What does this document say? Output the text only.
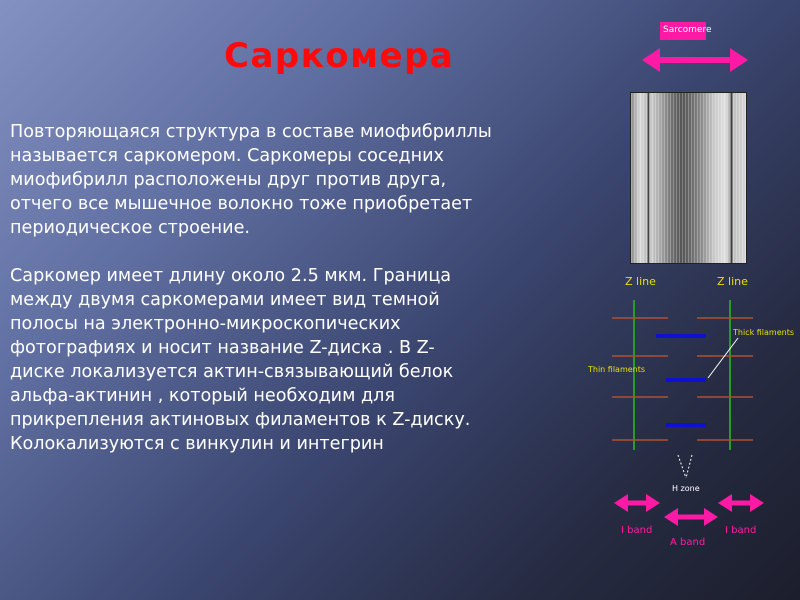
Саркомера

Повторяющаяся структура в составе миофибриллы
называется саркомером. Саркомеры соседних
миофибрилл расположены друг против друга,
отчего все мышечное волокно тоже приобретает
периодическое строение.

Саркомер имеет длину около 2.5 мкм. Граница
между двумя саркомерами имеет вид темной
полосы на электронно-микроскопических
фотографиях и носит название Z-диска . В Z-
диске локализуется актин-связывающий белок
альфа-актинин , который необходим для
прикрепления актиновых филаментов к Z-диску.
Колокализуются с винкулин и интегрин

Sarcomere
Z line	Z line
Thick filaments
Thin filaments
H zone
I band
A band
I band
